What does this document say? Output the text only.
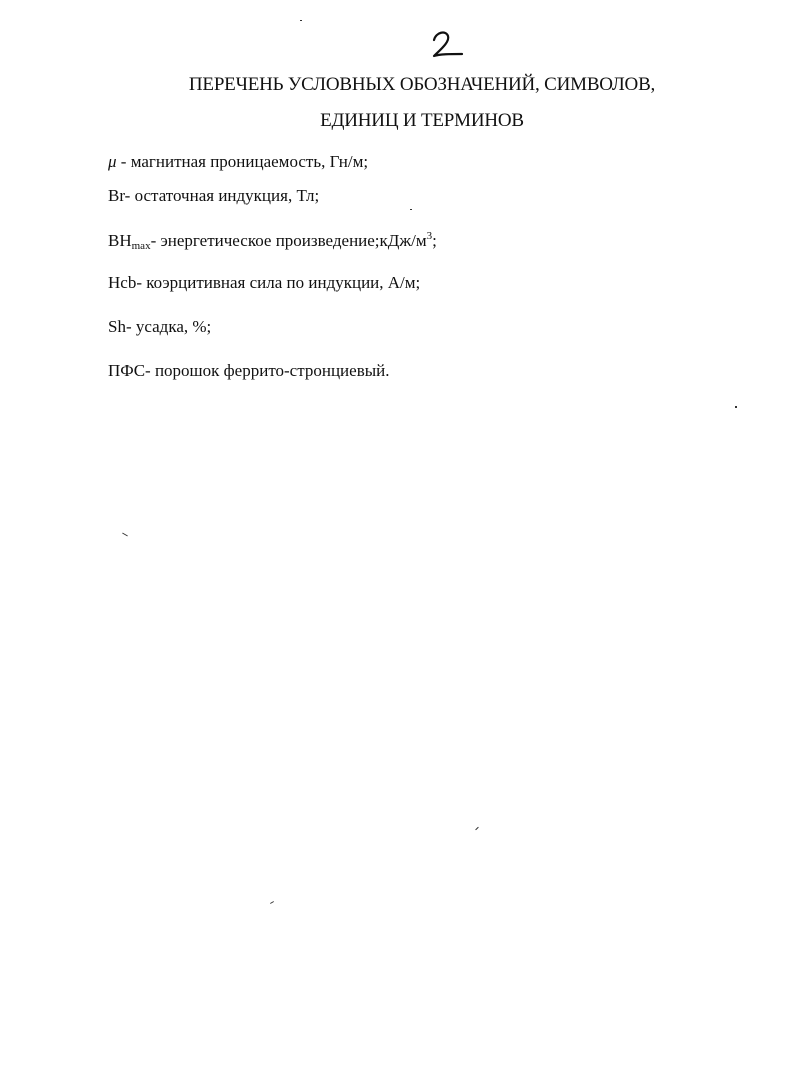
ПЕРЕЧЕНЬ УСЛОВНЫХ ОБОЗНАЧЕНИЙ, СИМВОЛОВ,
ЕДИНИЦ И ТЕРМИНОВ
μ - магнитная проницаемость, Гн/м;
Br- остаточная индукция, Тл;
$BH_{max}-$ энергетическое $произведение;кДж/м^3$;
Hcb- коэрцитивная сила по индукции, А/м;
Sh- усадка, %;
ПФС- порошок феррито-стронциевый.
